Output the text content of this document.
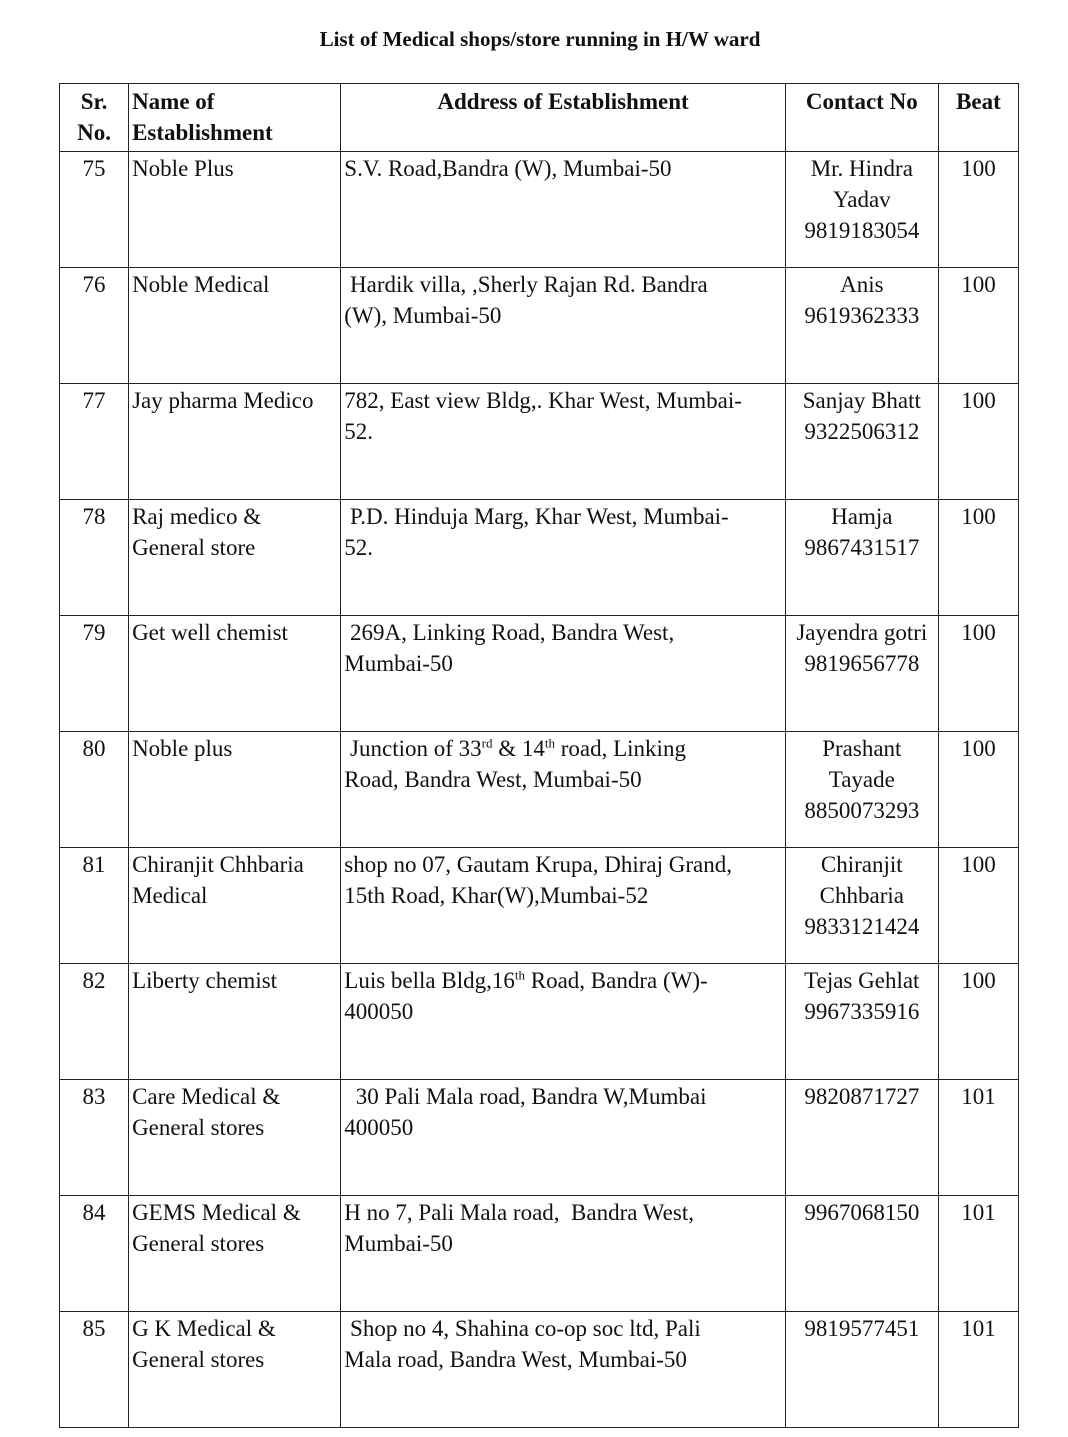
List of Medical shops/store running in H/W ward
Sr.
No.	Name of
Establishment	Address of Establishment	Contact No	Beat
75	Noble Plus	S.V. Road,Bandra (W), Mumbai-50	Mr. Hindra
Yadav
9819183054	100
76	Noble Medical	Hardik villa, ,Sherly Rajan Rd. Bandra
(W), Mumbai-50	Anis
9619362333	100
77	Jay pharma Medico	782, East view Bldg,. Khar West, Mumbai-
52.	Sanjay Bhatt
9322506312	100
78	Raj medico &
General store	P.D. Hinduja Marg, Khar West, Mumbai-
52.	Hamja
9867431517	100
79	Get well chemist	269A, Linking Road, Bandra West,
Mumbai-50	Jayendra gotri
9819656778	100
80	Noble plus	Junction of 33rd & 14th road, Linking
Road, Bandra West, Mumbai-50	Prashant
Tayade
8850073293	100
81	Chiranjit Chhbaria
Medical	shop no 07, Gautam Krupa, Dhiraj Grand,
15th Road, Khar(W),Mumbai-52	Chiranjit
Chhbaria
9833121424	100
82	Liberty chemist	Luis bella Bldg,16th Road, Bandra (W)-
400050	Tejas Gehlat
9967335916	100
83	Care Medical &
General stores	30 Pali Mala road, Bandra W,Mumbai
400050	9820871727	101
84	GEMS Medical &
General stores	H no 7, Pali Mala road,  Bandra West,
Mumbai-50	9967068150	101
85	G K Medical &
General stores	Shop no 4, Shahina co-op soc ltd, Pali
Mala road, Bandra West, Mumbai-50	9819577451	101
